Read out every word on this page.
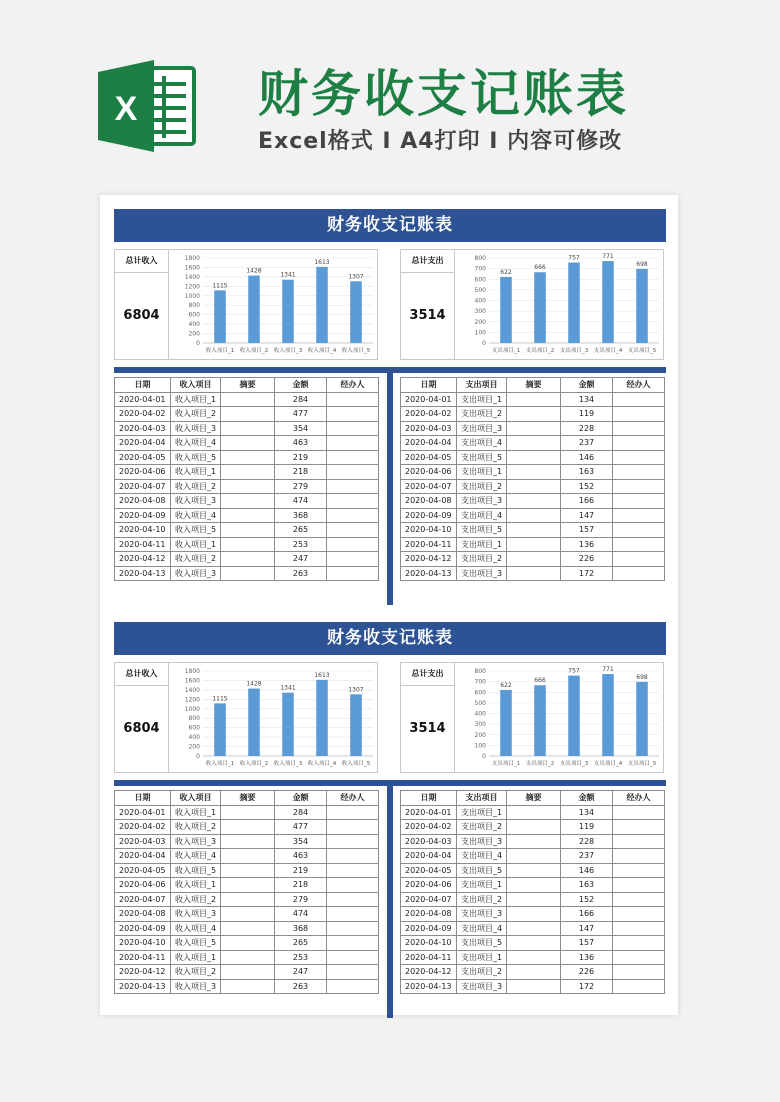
X 财务收支记账表
Excel格式 Ⅰ A4打印 Ⅰ 内容可修改
财务收支记账表
总计收入
6804
0
200
400
600
800
1000
1200
1400
1600
1800
1115
收入项目_1
1428
收入项目_2
1341
收入项目_3
1613
收入项目_4
1307
收入项目_5
总计支出
3514
0
100
200
300
400
500
600
700
800
622
支出项目_1
666
支出项目_2
757
支出项目_3
771
支出项目_4
698
支出项目_5
日期	收入项目	摘要	金额	经办人
2020-04-01	收入项目_1		284	
2020-04-02	收入项目_2		477	
2020-04-03	收入项目_3		354	
2020-04-04	收入项目_4		463	
2020-04-05	收入项目_5		219	
2020-04-06	收入项目_1		218	
2020-04-07	收入项目_2		279	
2020-04-08	收入项目_3		474	
2020-04-09	收入项目_4		368	
2020-04-10	收入项目_5		265	
2020-04-11	收入项目_1		253	
2020-04-12	收入项目_2		247	
2020-04-13	收入项目_3		263	
日期	支出项目	摘要	金额	经办人
2020-04-01	支出项目_1		134	
2020-04-02	支出项目_2		119	
2020-04-03	支出项目_3		228	
2020-04-04	支出项目_4		237	
2020-04-05	支出项目_5		146	
2020-04-06	支出项目_1		163	
2020-04-07	支出项目_2		152	
2020-04-08	支出项目_3		166	
2020-04-09	支出项目_4		147	
2020-04-10	支出项目_5		157	
2020-04-11	支出项目_1		136	
2020-04-12	支出项目_2		226	
2020-04-13	支出项目_3		172	
财务收支记账表
总计收入
6804
0
200
400
600
800
1000
1200
1400
1600
1800
1115
收入项目_1
1428
收入项目_2
1341
收入项目_3
1613
收入项目_4
1307
收入项目_5
总计支出
3514
0
100
200
300
400
500
600
700
800
622
支出项目_1
666
支出项目_2
757
支出项目_3
771
支出项目_4
698
支出项目_5
日期	收入项目	摘要	金额	经办人
2020-04-01	收入项目_1		284	
2020-04-02	收入项目_2		477	
2020-04-03	收入项目_3		354	
2020-04-04	收入项目_4		463	
2020-04-05	收入项目_5		219	
2020-04-06	收入项目_1		218	
2020-04-07	收入项目_2		279	
2020-04-08	收入项目_3		474	
2020-04-09	收入项目_4		368	
2020-04-10	收入项目_5		265	
2020-04-11	收入项目_1		253	
2020-04-12	收入项目_2		247	
2020-04-13	收入项目_3		263	
日期	支出项目	摘要	金额	经办人
2020-04-01	支出项目_1		134	
2020-04-02	支出项目_2		119	
2020-04-03	支出项目_3		228	
2020-04-04	支出项目_4		237	
2020-04-05	支出项目_5		146	
2020-04-06	支出项目_1		163	
2020-04-07	支出项目_2		152	
2020-04-08	支出项目_3		166	
2020-04-09	支出项目_4		147	
2020-04-10	支出项目_5		157	
2020-04-11	支出项目_1		136	
2020-04-12	支出项目_2		226	
2020-04-13	支出项目_3		172	
